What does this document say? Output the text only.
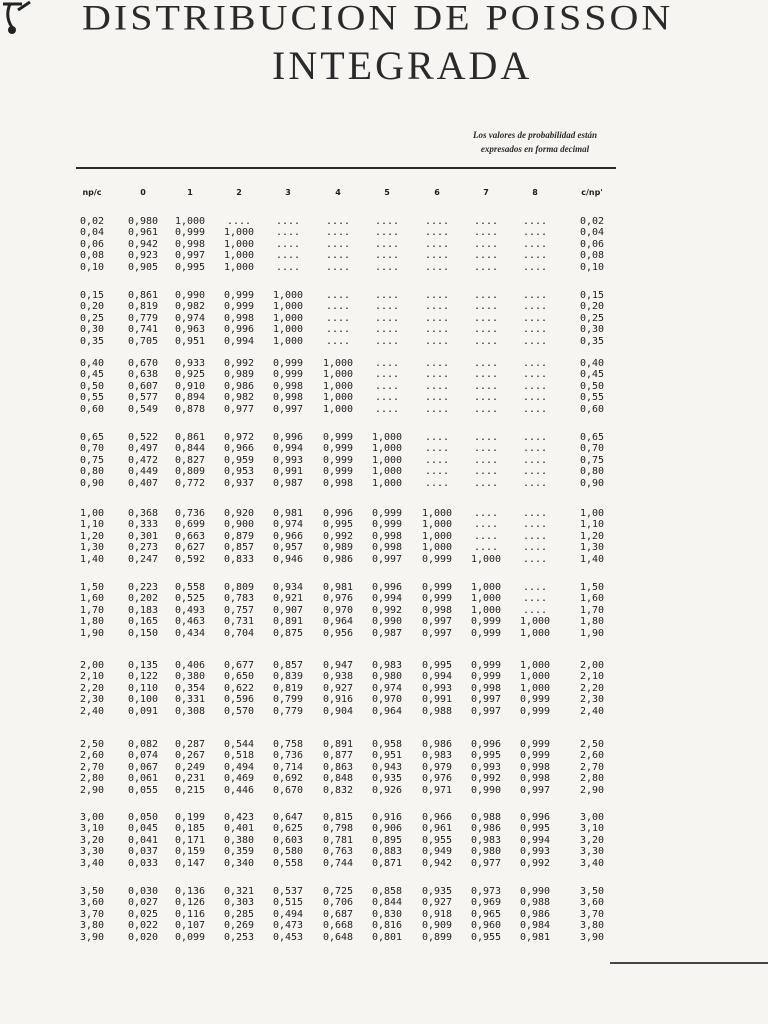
DISTRIBUCION DE POISSON
INTEGRADA
Los valores de probabilidad están
expresados en forma decimal
np/c	0	1	2	3	4	5	6	7	8	c/np'
0,02	0,980	1,000	....	....	....	....	....	....	....	0,02
0,04	0,961	0,999	1,000	....	....	....	....	....	....	0,04
0,06	0,942	0,998	1,000	....	....	....	....	....	....	0,06
0,08	0,923	0,997	1,000	....	....	....	....	....	....	0,08
0,10	0,905	0,995	1,000	....	....	....	....	....	....	0,10
0,15	0,861	0,990	0,999	1,000	....	....	....	....	....	0,15
0,20	0,819	0,982	0,999	1,000	....	....	....	....	....	0,20
0,25	0,779	0,974	0,998	1,000	....	....	....	....	....	0,25
0,30	0,741	0,963	0,996	1,000	....	....	....	....	....	0,30
0,35	0,705	0,951	0,994	1,000	....	....	....	....	....	0,35
0,40	0,670	0,933	0,992	0,999	1,000	....	....	....	....	0,40
0,45	0,638	0,925	0,989	0,999	1,000	....	....	....	....	0,45
0,50	0,607	0,910	0,986	0,998	1,000	....	....	....	....	0,50
0,55	0,577	0,894	0,982	0,998	1,000	....	....	....	....	0,55
0,60	0,549	0,878	0,977	0,997	1,000	....	....	....	....	0,60
0,65	0,522	0,861	0,972	0,996	0,999	1,000	....	....	....	0,65
0,70	0,497	0,844	0,966	0,994	0,999	1,000	....	....	....	0,70
0,75	0,472	0,827	0,959	0,993	0,999	1,000	....	....	....	0,75
0,80	0,449	0,809	0,953	0,991	0,999	1,000	....	....	....	0,80
0,90	0,407	0,772	0,937	0,987	0,998	1,000	....	....	....	0,90
1,00	0,368	0,736	0,920	0,981	0,996	0,999	1,000	....	....	1,00
1,10	0,333	0,699	0,900	0,974	0,995	0,999	1,000	....	....	1,10
1,20	0,301	0,663	0,879	0,966	0,992	0,998	1,000	....	....	1,20
1,30	0,273	0,627	0,857	0,957	0,989	0,998	1,000	....	....	1,30
1,40	0,247	0,592	0,833	0,946	0,986	0,997	0,999	1,000	....	1,40
1,50	0,223	0,558	0,809	0,934	0,981	0,996	0,999	1,000	....	1,50
1,60	0,202	0,525	0,783	0,921	0,976	0,994	0,999	1,000	....	1,60
1,70	0,183	0,493	0,757	0,907	0,970	0,992	0,998	1,000	....	1,70
1,80	0,165	0,463	0,731	0,891	0,964	0,990	0,997	0,999	1,000	1,80
1,90	0,150	0,434	0,704	0,875	0,956	0,987	0,997	0,999	1,000	1,90
2,00	0,135	0,406	0,677	0,857	0,947	0,983	0,995	0,999	1,000	2,00
2,10	0,122	0,380	0,650	0,839	0,938	0,980	0,994	0,999	1,000	2,10
2,20	0,110	0,354	0,622	0,819	0,927	0,974	0,993	0,998	1,000	2,20
2,30	0,100	0,331	0,596	0,799	0,916	0,970	0,991	0,997	0,999	2,30
2,40	0,091	0,308	0,570	0,779	0,904	0,964	0,988	0,997	0,999	2,40
2,50	0,082	0,287	0,544	0,758	0,891	0,958	0,986	0,996	0,999	2,50
2,60	0,074	0,267	0,518	0,736	0,877	0,951	0,983	0,995	0,999	2,60
2,70	0,067	0,249	0,494	0,714	0,863	0,943	0,979	0,993	0,998	2,70
2,80	0,061	0,231	0,469	0,692	0,848	0,935	0,976	0,992	0,998	2,80
2,90	0,055	0,215	0,446	0,670	0,832	0,926	0,971	0,990	0,997	2,90
3,00	0,050	0,199	0,423	0,647	0,815	0,916	0,966	0,988	0,996	3,00
3,10	0,045	0,185	0,401	0,625	0,798	0,906	0,961	0,986	0,995	3,10
3,20	0,041	0,171	0,380	0,603	0,781	0,895	0,955	0,983	0,994	3,20
3,30	0,037	0,159	0,359	0,580	0,763	0,883	0,949	0,980	0,993	3,30
3,40	0,033	0,147	0,340	0,558	0,744	0,871	0,942	0,977	0,992	3,40
3,50	0,030	0,136	0,321	0,537	0,725	0,858	0,935	0,973	0,990	3,50
3,60	0,027	0,126	0,303	0,515	0,706	0,844	0,927	0,969	0,988	3,60
3,70	0,025	0,116	0,285	0,494	0,687	0,830	0,918	0,965	0,986	3,70
3,80	0,022	0,107	0,269	0,473	0,668	0,816	0,909	0,960	0,984	3,80
3,90	0,020	0,099	0,253	0,453	0,648	0,801	0,899	0,955	0,981	3,90
